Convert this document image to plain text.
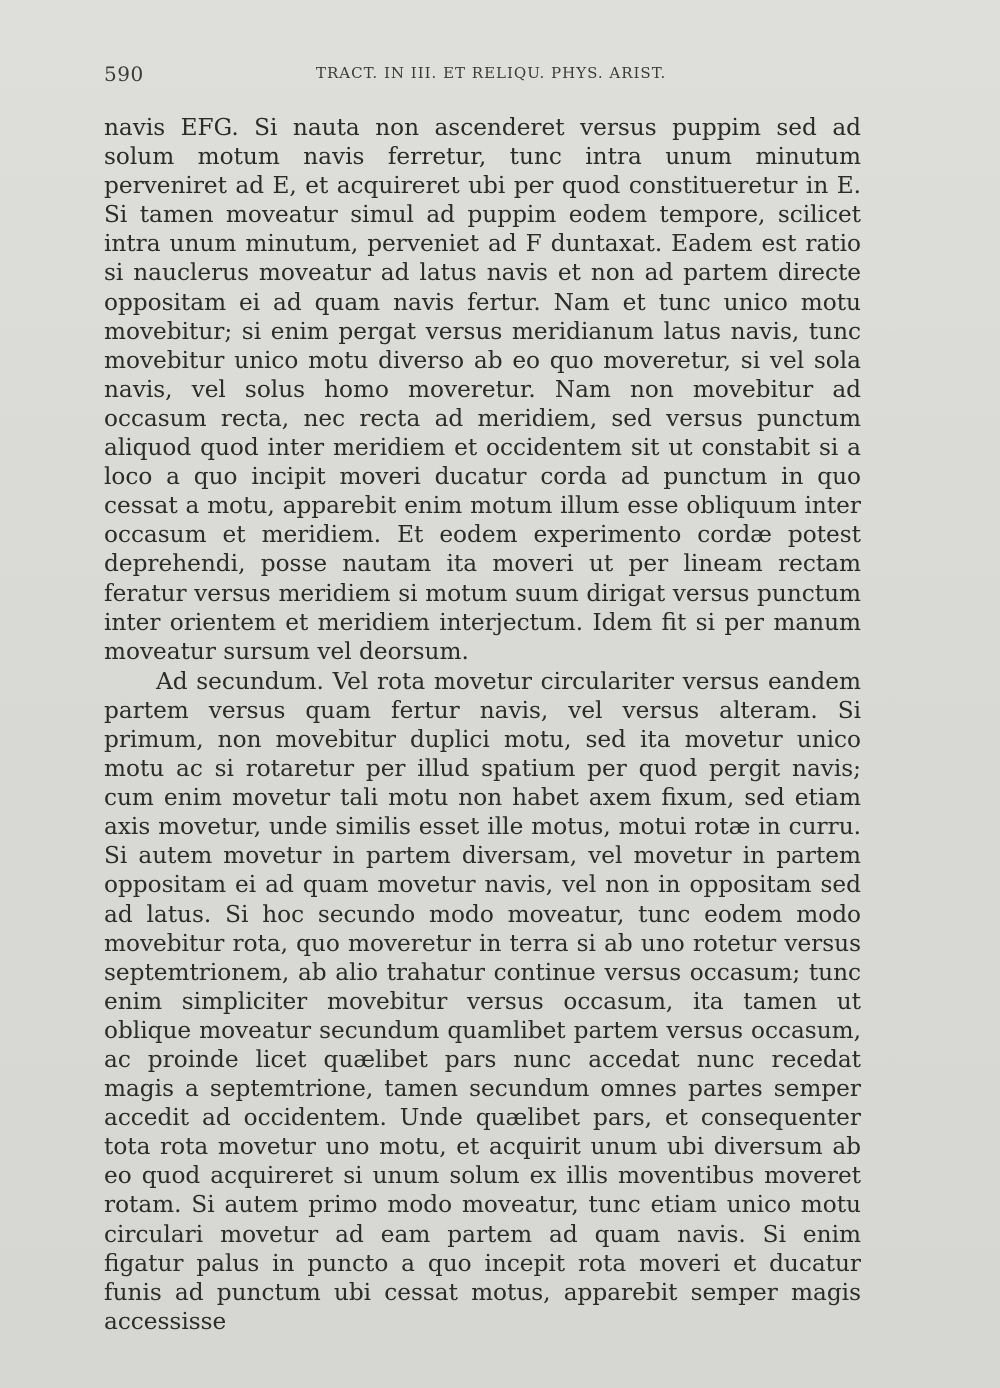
590	TRACT. IN III. ET RELIQU. PHYS. ARIST.

navis EFG. Si nauta non ascenderet versus puppim sed ad solum motum navis ferretur, tunc intra unum minutum perveniret ad E, et acquireret ubi per quod constitueretur in E. Si tamen moveatur simul ad puppim eodem tempore, scilicet intra unum minutum, perveniet ad F duntaxat. Eadem est ratio si nauclerus moveatur ad latus navis et non ad partem directe oppositam ei ad quam navis fertur. Nam et tunc unico motu movebitur; si enim pergat versus meridianum latus navis, tunc movebitur unico motu diverso ab eo quo moveretur, si vel sola navis, vel solus homo moveretur. Nam non movebitur ad occasum recta, nec recta ad meridiem, sed versus punctum aliquod quod inter meridiem et occidentem sit ut constabit si a loco a quo incipit moveri ducatur corda ad punctum in quo cessat a motu, apparebit enim motum illum esse obliquum inter occasum et meridiem. Et eodem experimento cordæ potest deprehendi, posse nautam ita moveri ut per lineam rectam feratur versus meridiem si motum suum dirigat versus punctum inter orientem et meridiem interjectum. Idem fit si per manum moveatur sursum vel deorsum.

Ad secundum. Vel rota movetur circulariter versus eandem partem versus quam fertur navis, vel versus alteram. Si primum, non movebitur duplici motu, sed ita movetur unico motu ac si rotaretur per illud spatium per quod pergit navis; cum enim movetur tali motu non habet axem fixum, sed etiam axis movetur, unde similis esset ille motus, motui rotæ in curru. Si autem movetur in partem diversam, vel movetur in partem oppositam ei ad quam movetur navis, vel non in oppositam sed ad latus. Si hoc secundo modo moveatur, tunc eodem modo movebitur rota, quo moveretur in terra si ab uno rotetur versus septemtrionem, ab alio trahatur continue versus occasum; tunc enim simpliciter movebitur versus occasum, ita tamen ut oblique moveatur secundum quamlibet partem versus occasum, ac proinde licet quælibet pars nunc accedat nunc recedat magis a septemtrione, tamen secundum omnes partes semper accedit ad occidentem. Unde quælibet pars, et consequenter tota rota movetur uno motu, et acquirit unum ubi diversum ab eo quod acquireret si unum solum ex illis moventibus moveret rotam. Si autem primo modo moveatur, tunc etiam unico motu circulari movetur ad eam partem ad quam navis. Si enim figatur palus in puncto a quo incepit rota moveri et ducatur funis ad punctum ubi cessat motus, apparebit semper magis accessisse
